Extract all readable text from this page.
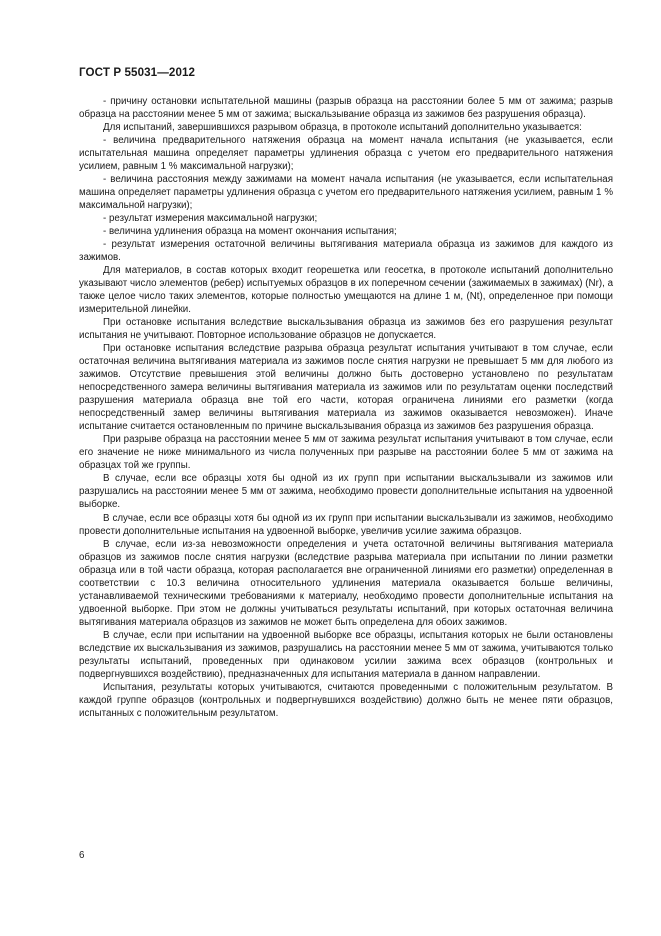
ГОСТ Р 55031—2012

- причину остановки испытательной машины (разрыв образца на расстоянии более 5 мм от зажима; разрыв образца на расстоянии менее 5 мм от зажима; выскальзывание образца из зажимов без разрушения образца).

Для испытаний, завершившихся разрывом образца, в протоколе испытаний дополнительно указывается:

- величина предварительного натяжения образца на момент начала испытания (не указывается, если испытательная машина определяет параметры удлинения образца с учетом его предварительного натяжения усилием, равным 1 % максимальной нагрузки);

- величина расстояния между зажимами на момент начала испытания (не указывается, если испытательная машина определяет параметры удлинения образца с учетом его предварительного натяжения усилием, равным 1 % максимальной нагрузки);

- результат измерения максимальной нагрузки;

- величина удлинения образца на момент окончания испытания;

- результат измерения остаточной величины вытягивания материала образца из зажимов для каждого из зажимов.

Для материалов, в состав которых входит георешетка или геосетка, в протоколе испытаний дополнительно указывают число элементов (ребер) испытуемых образцов в их поперечном сечении (зажимаемых в зажимах) (Nr), а также целое число таких элементов, которые полностью умещаются на длине 1 м, (Nt), определенное при помощи измерительной линейки.

При остановке испытания вследствие выскальзывания образца из зажимов без его разрушения результат испытания не учитывают. Повторное использование образцов не допускается.

При остановке испытания вследствие разрыва образца результат испытания учитывают в том случае, если остаточная величина вытягивания материала из зажимов после снятия нагрузки не превышает 5 мм для любого из зажимов. Отсутствие превышения этой величины должно быть достоверно установлено по результатам непосредственного замера величины вытягивания материала из зажимов или по результатам оценки последствий разрушения материала образца вне той его части, которая ограничена линиями его разметки (когда непосредственный замер величины вытягивания материала из зажимов оказывается невозможен). Иначе испытание считается остановленным по причине выскальзывания образца из зажимов без разрушения образца.

При разрыве образца на расстоянии менее 5 мм от зажима результат испытания учитывают в том случае, если его значение не ниже минимального из числа полученных при разрыве на расстоянии более 5 мм от зажима на образцах той же группы.

В случае, если все образцы хотя бы одной из их групп при испытании выскальзывали из зажимов или разрушались на расстоянии менее 5 мм от зажима, необходимо провести дополнительные испытания на удвоенной выборке.

В случае, если все образцы хотя бы одной из их групп при испытании выскальзывали из зажимов, необходимо провести дополнительные испытания на удвоенной выборке, увеличив усилие зажима образцов.

В случае, если из-за невозможности определения и учета остаточной величины вытягивания материала образцов из зажимов после снятия нагрузки (вследствие разрыва материала при испытании по линии разметки образца или в той части образца, которая располагается вне ограниченной линиями его разметки) определенная в соответствии с 10.3 величина относительного удлинения материала оказывается больше величины, устанавливаемой техническими требованиями к материалу, необходимо провести дополнительные испытания на удвоенной выборке. При этом не должны учитываться результаты испытаний, при которых остаточная величина вытягивания материала образцов из зажимов не может быть определена для обоих зажимов.

В случае, если при испытании на удвоенной выборке все образцы, испытания которых не были остановлены вследствие их выскальзывания из зажимов, разрушались на расстоянии менее 5 мм от зажима, учитываются только результаты испытаний, проведенных при одинаковом усилии зажима всех образцов (контрольных и подвергнувшихся воздействию), предназначенных для испытания материала в данном направлении.

Испытания, результаты которых учитываются, считаются проведенными с положительным результатом. В каждой группе образцов (контрольных и подвергнувшихся воздействию) должно быть не менее пяти образцов, испытанных с положительным результатом.

6
